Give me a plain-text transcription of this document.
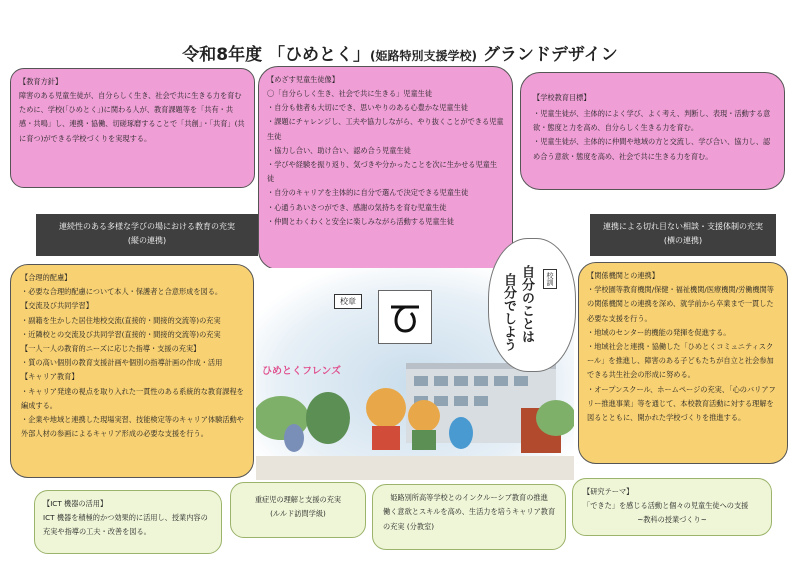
令和8年度 「ひめとく」(姫路特別支援学校) グランドデザイン
【教育方針】
障害のある児童生徒が、自分らしく生き、社会で共に生きる力を育むために、学校(「ひめとく」)に関わる人が、教育課題等を「共有・共感・共鳴」し、連携・協働、切磋琢磨することで「共創」・「共育」(共に育つ)ができる学校づくりを実現する。
【めざす児童生徒像】
〇「自分らしく生き、社会で共に生きる」児童生徒
・自分も他者も大切にでき、思いやりのある心豊かな児童生徒
・課題にチャレンジし、工夫や協力しながら、やり抜くことができる児童生徒
・協力し合い、助け合い、認め合う児童生徒
・学びや経験を振り返り、気づきや分かったことを次に生かせる児童生徒
・自分のキャリアを主体的に自分で選んで決定できる児童生徒
・心通うあいさつができ、感謝の気持ちを育む児童生徒
・仲間とわくわくと安全に楽しみながら活動する児童生徒
【学校教育目標】
・児童生徒が、主体的によく学び、よく考え、判断し、表現・活動する意欲・態度と力を高め、自分らしく生きる力を育む。
・児童生徒が、主体的に仲間や地域の方と交流し、学び合い、協力し、認め合う意欲・態度を高め、社会で共に生きる力を育む。
連続性のある多様な学びの場における教育の充実
(縦の連携)
連携による切れ目ない相談・支援体制の充実
(横の連携)
【合理的配慮】
・必要な合理的配慮について本人・保護者と合意形成を図る。
【交流及び共同学習】
・副籍を生かした居住地校交流(直接的・間接的交流等)の充実
・近隣校との交流及び共同学習(直接的・間接的交流等)の充実
【一人一人の教育的ニーズに応じた指導・支援の充実】
・質の高い個別の教育支援計画や個別の指導計画の作成・活用
【キャリア教育】
・キャリア発達の視点を取り入れた一貫性のある系統的な教育課程を編成する。
・企業や地域と連携した現場実習、技能検定等のキャリア体験活動や外部人材の参画によるキャリア形成の必要な支援を行う。
【関係機関との連携】
・学校園等教育機関/保健・福祉機関/医療機関/労働機関等の関係機関との連携を深め、就学前から卒業まで一貫した必要な支援を行う。
・地域のセンター的機能の発揮を促進する。
・地域社会と連携・協働した「ひめとくコミュニティスクール」を推進し、障害のある子どもたちが自立と社会参加できる共生社会の形成に努める。
・オープンスクール、ホームページの充実、「心のバリアフリー推進事業」等を通じて、本校教育活動に対する理解を図るとともに、開かれた学校づくりを推進する。
校章
ひめとくフレンズ
校訓
自分のことは
自分でしよう
【ICT 機器の活用】
ICT 機器を積極的かつ効果的に活用し、授業内容の充実や指導の工夫・改善を図る。
重症児の理解と支援の充実
(ルルド訪問学級)
姫路別所高等学校とのインクルーシブ教育の推進
働く意欲とスキルを高め、生活力を培うキャリア教育
の充実 (分教室)
【研究テーマ】
「できた」を感じる活動と個々の児童生徒への支援
~教科の授業づくり~
